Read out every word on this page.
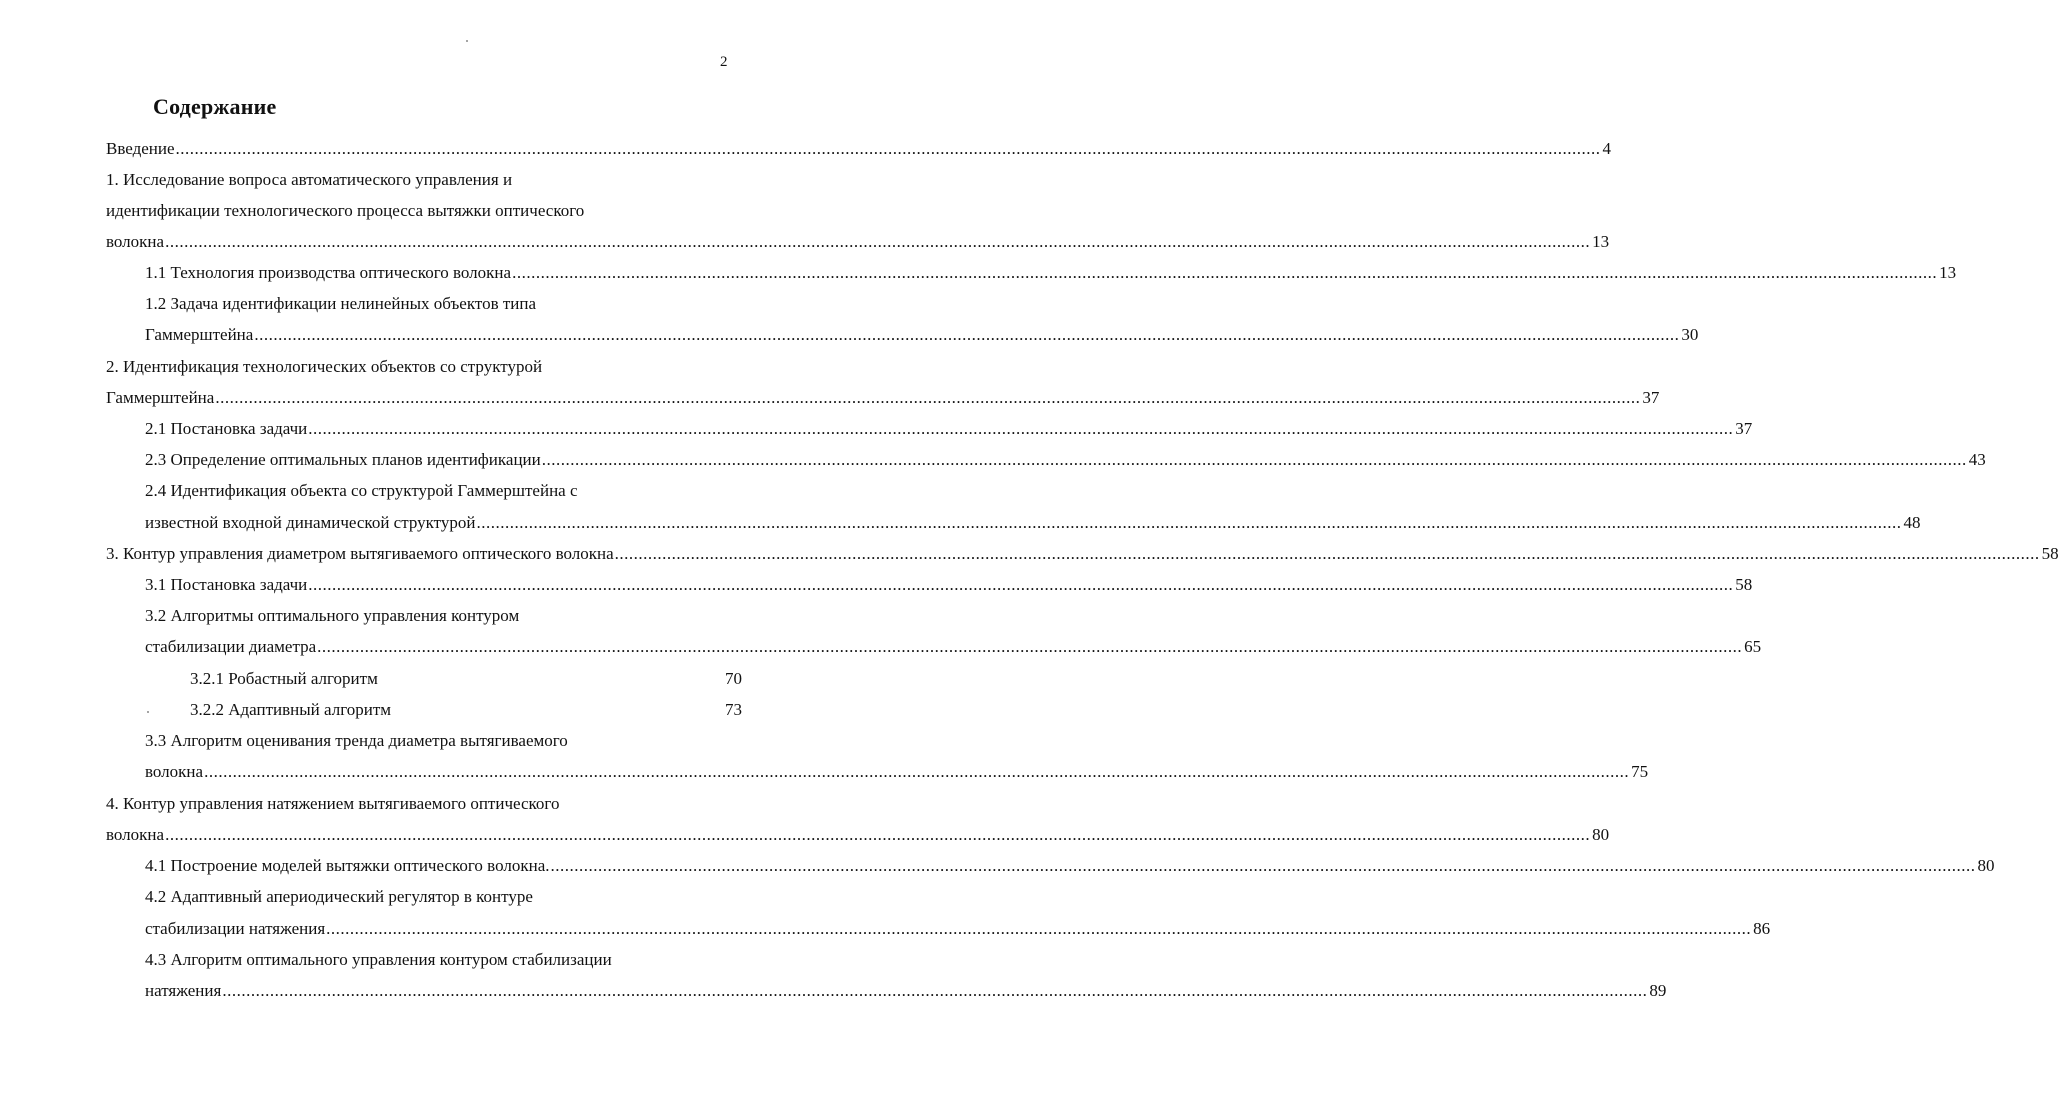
2
Содержание
Введение ............................................................................................................................................................................................................................................................................................................ 4
1. Исследование вопроса автоматического управления и
идентификации технологического процесса вытяжки оптического
волокна ............................................................................................................................................................................................................................................................................................................ 13
1.1 Технология производства оптического волокна ............................................................................................................................................................................................................................................................................................................ 13
1.2 Задача идентификации нелинейных объектов типа
Гаммерштейна ............................................................................................................................................................................................................................................................................................................ 30
2. Идентификация технологических объектов со структурой
Гаммерштейна ............................................................................................................................................................................................................................................................................................................ 37
2.1 Постановка задачи ............................................................................................................................................................................................................................................................................................................ 37
2.3 Определение оптимальных планов идентификации ............................................................................................................................................................................................................................................................................................................ 43
2.4 Идентификация объекта со структурой Гаммерштейна с
известной входной динамической структурой ............................................................................................................................................................................................................................................................................................................ 48
3. Контур управления диаметром вытягиваемого оптического волокна ............................................................................................................................................................................................................................................................................................................ 58
3.1 Постановка задачи ............................................................................................................................................................................................................................................................................................................ 58
3.2 Алгоритмы оптимального управления контуром
стабилизации диаметра ............................................................................................................................................................................................................................................................................................................ 65
3.2.1 Робастный алгоритм	70
3.2.2 Адаптивный алгоритм	73
3.3 Алгоритм оценивания тренда диаметра вытягиваемого
волокна ............................................................................................................................................................................................................................................................................................................ 75
4. Контур управления натяжением вытягиваемого оптического
волокна ............................................................................................................................................................................................................................................................................................................ 80
4.1 Построение моделей вытяжки оптического волокна. ............................................................................................................................................................................................................................................................................................................ 80
4.2 Адаптивный апериодический регулятор в контуре
стабилизации натяжения ............................................................................................................................................................................................................................................................................................................ 86
4.3 Алгоритм оптимального управления контуром стабилизации
натяжения ............................................................................................................................................................................................................................................................................................................ 89
